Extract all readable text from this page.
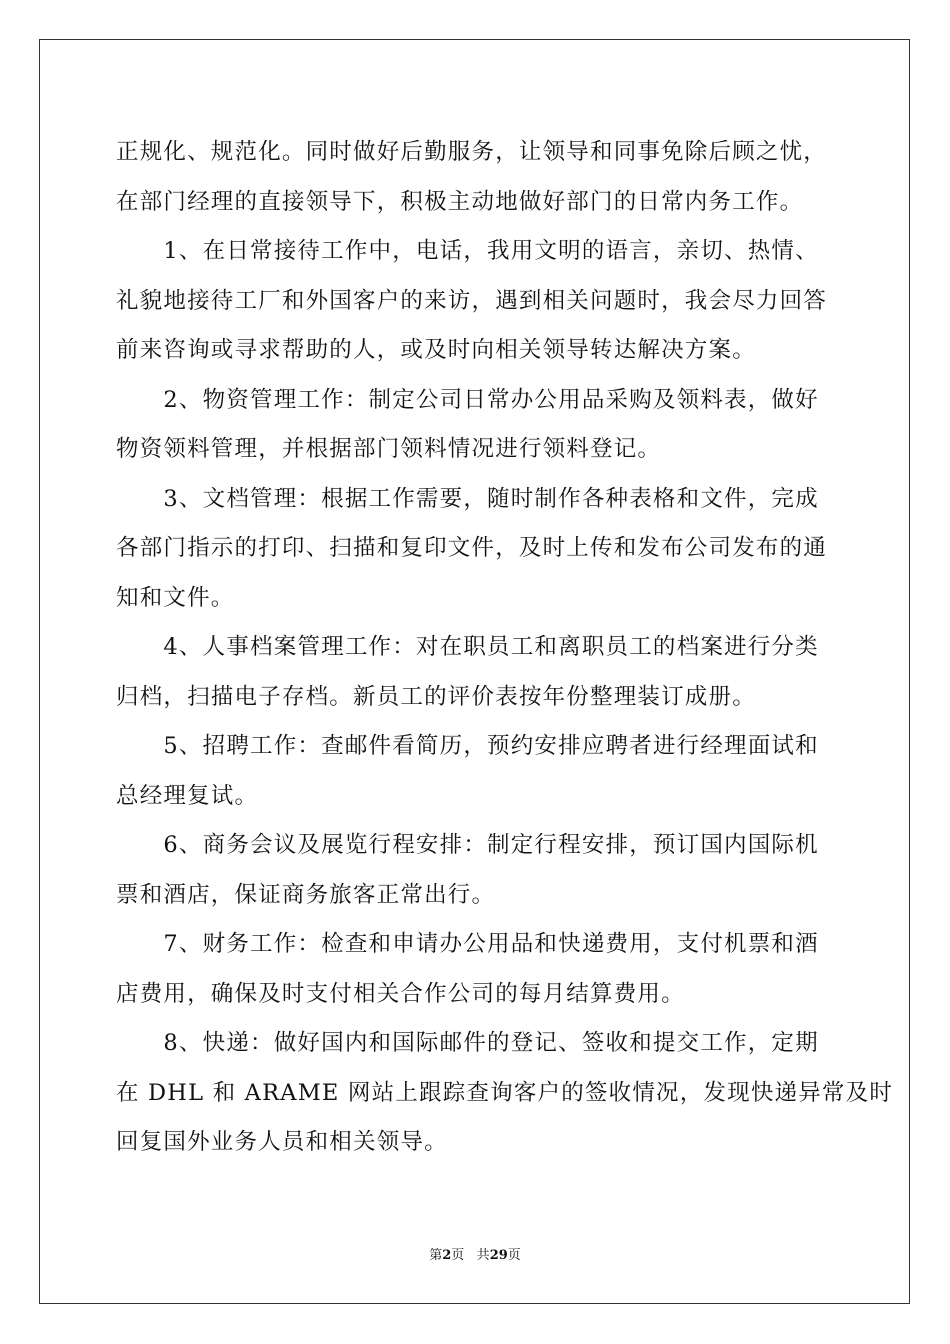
正规化、规范化。同时做好后勤服务，让领导和同事免除后顾之忧，
在部门经理的直接领导下，积极主动地做好部门的日常内务工作。
　　1、在日常接待工作中，电话，我用文明的语言，亲切、热情、
礼貌地接待工厂和外国客户的来访，遇到相关问题时，我会尽力回答
前来咨询或寻求帮助的人，或及时向相关领导转达解决方案。
　　2、物资管理工作：制定公司日常办公用品采购及领料表，做好
物资领料管理，并根据部门领料情况进行领料登记。
　　3、文档管理：根据工作需要，随时制作各种表格和文件，完成
各部门指示的打印、扫描和复印文件，及时上传和发布公司发布的通
知和文件。
　　4、人事档案管理工作：对在职员工和离职员工的档案进行分类
归档，扫描电子存档。新员工的评价表按年份整理装订成册。
　　5、招聘工作：查邮件看简历，预约安排应聘者进行经理面试和
总经理复试。
　　6、商务会议及展览行程安排：制定行程安排，预订国内国际机
票和酒店，保证商务旅客正常出行。
　　7、财务工作：检查和申请办公用品和快递费用，支付机票和酒
店费用，确保及时支付相关合作公司的每月结算费用。
　　8、快递：做好国内和国际邮件的登记、签收和提交工作，定期
在 DHL 和 ARAME 网站上跟踪查询客户的签收情况，发现快递异常及时
回复国外业务人员和相关领导。
第2页 共29页
